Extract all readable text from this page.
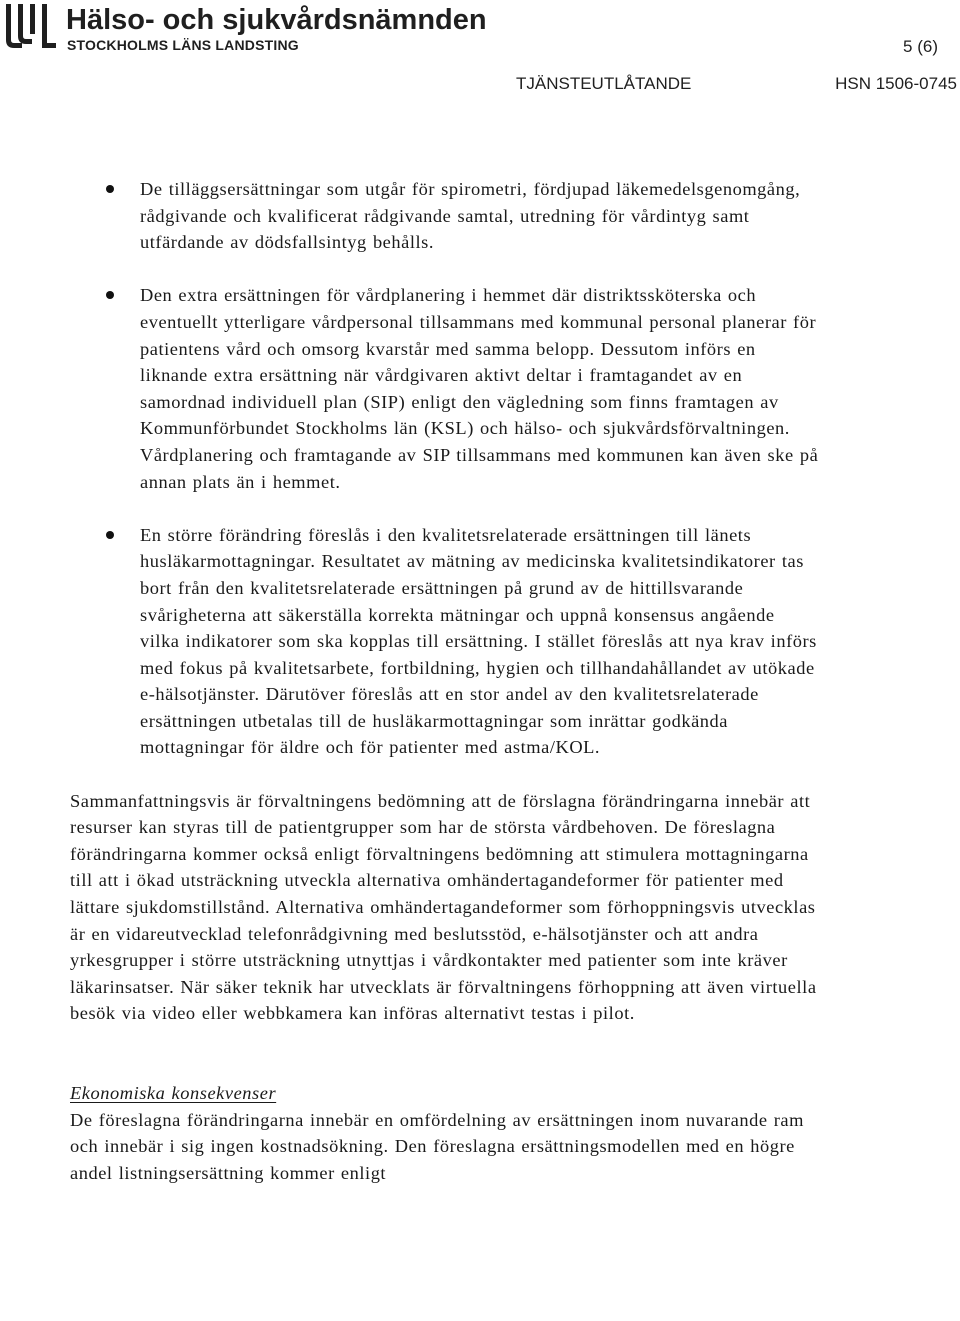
Hälso- och sjukvårdsnämnden
STOCKHOLMS LÄNS LANDSTING	5 (6)
TJÄNSTEUTLÅTANDE	HSN 1506-0745
De tilläggsersättningar som utgår för spirometri, fördjupad läkemedelsgenomgång, rådgivande och kvalificerat rådgivande samtal, utredning för vårdintyg samt utfärdande av dödsfallsintyg behålls.
Den extra ersättningen för vårdplanering i hemmet där distriktssköterska och eventuellt ytterligare vårdpersonal tillsammans med kommunal personal planerar för patientens vård och omsorg kvarstår med samma belopp. Dessutom införs en liknande extra ersättning när vårdgivaren aktivt deltar i framtagandet av en samordnad individuell plan (SIP) enligt den vägledning som finns framtagen av Kommunförbundet Stockholms län (KSL) och hälso- och sjukvårdsförvaltningen. Vårdplanering och framtagande av SIP tillsammans med kommunen kan även ske på annan plats än i hemmet.
En större förändring föreslås i den kvalitetsrelaterade ersättningen till länets husläkarmottagningar. Resultatet av mätning av medicinska kvalitetsindikatorer tas bort från den kvalitetsrelaterade ersättningen på grund av de hittillsvarande svårigheterna att säkerställa korrekta mätningar och uppnå konsensus angående vilka indikatorer som ska kopplas till ersättning. I stället föreslås att nya krav införs med fokus på kvalitetsarbete, fortbildning, hygien och tillhandahållandet av utökade e-hälsotjänster. Därutöver föreslås att en stor andel av den kvalitetsrelaterade ersättningen utbetalas till de husläkarmottagningar som inrättar godkända mottagningar för äldre och för patienter med astma/KOL.

Sammanfattningsvis är förvaltningens bedömning att de förslagna förändringarna innebär att resurser kan styras till de patientgrupper som har de största vårdbehoven. De föreslagna förändringarna kommer också enligt förvaltningens bedömning att stimulera mottagningarna till att i ökad utsträckning utveckla alternativa omhändertagandeformer för patienter med lättare sjukdomstillstånd. Alternativa omhändertagandeformer som förhoppningsvis utvecklas är en vidareutvecklad telefonrådgivning med beslutsstöd, e-hälsotjänster och att andra yrkesgrupper i större utsträckning utnyttjas i vårdkontakter med patienter som inte kräver läkarinsatser. När säker teknik har utvecklats är förvaltningens förhoppning att även virtuella besök via video eller webbkamera kan införas alternativt testas i pilot.

Ekonomiska konsekvenser

De föreslagna förändringarna innebär en omfördelning av ersättningen inom nuvarande ram och innebär i sig ingen kostnadsökning. Den föreslagna ersättningsmodellen med en högre andel listningsersättning kommer enligt
